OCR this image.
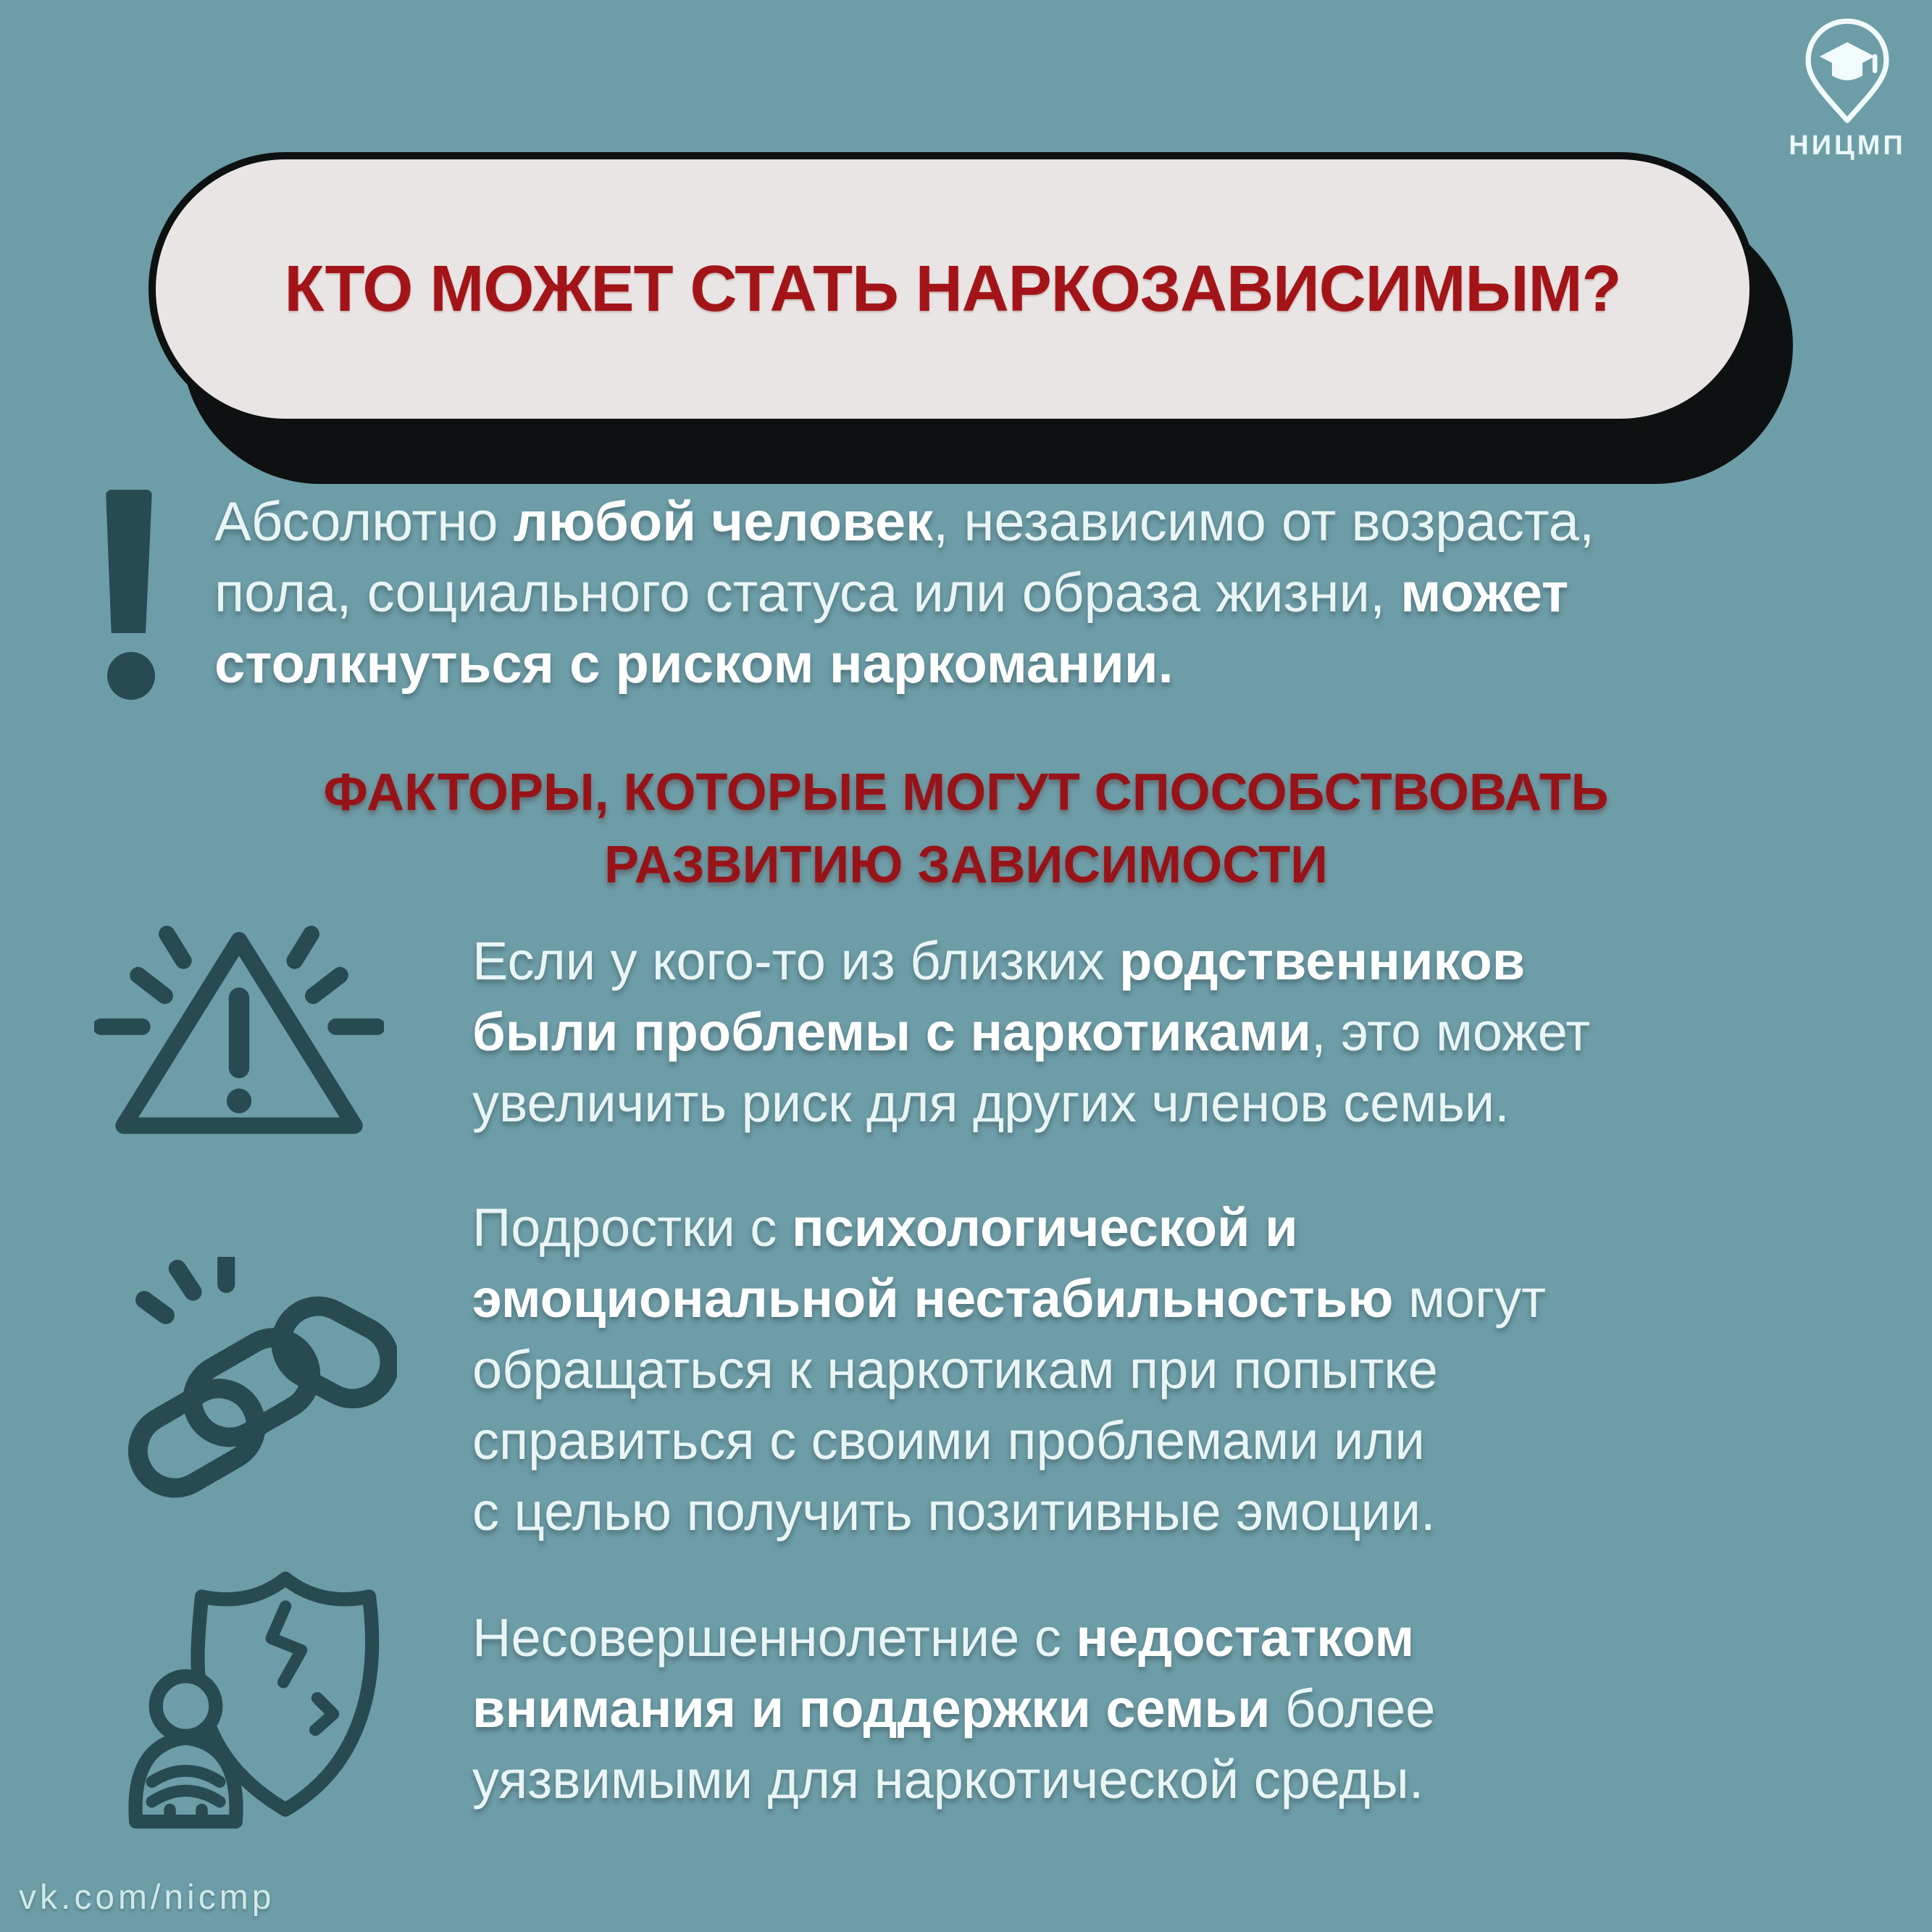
НИЦМП
КТО МОЖЕТ СТАТЬ НАРКОЗАВИСИМЫМ?
Абсолютно любой человек, независимо от возраста,
пола, социального статуса или образа жизни, может
столкнуться с риском наркомании.
ФАКТОРЫ, КОТОРЫЕ МОГУТ СПОСОБСТВОВАТЬ
РАЗВИТИЮ ЗАВИСИМОСТИ
Если у кого-то из близких родственников
были проблемы с наркотиками, это может
увеличить риск для других членов семьи.
Подростки с психологической и
эмоциональной нестабильностью могут
обращаться к наркотикам при попытке
справиться с своими проблемами или
с целью получить позитивные эмоции.
Несовершеннолетние с недостатком
внимания и поддержки семьи более
уязвимыми для наркотической среды.
vk.com/nicmp
